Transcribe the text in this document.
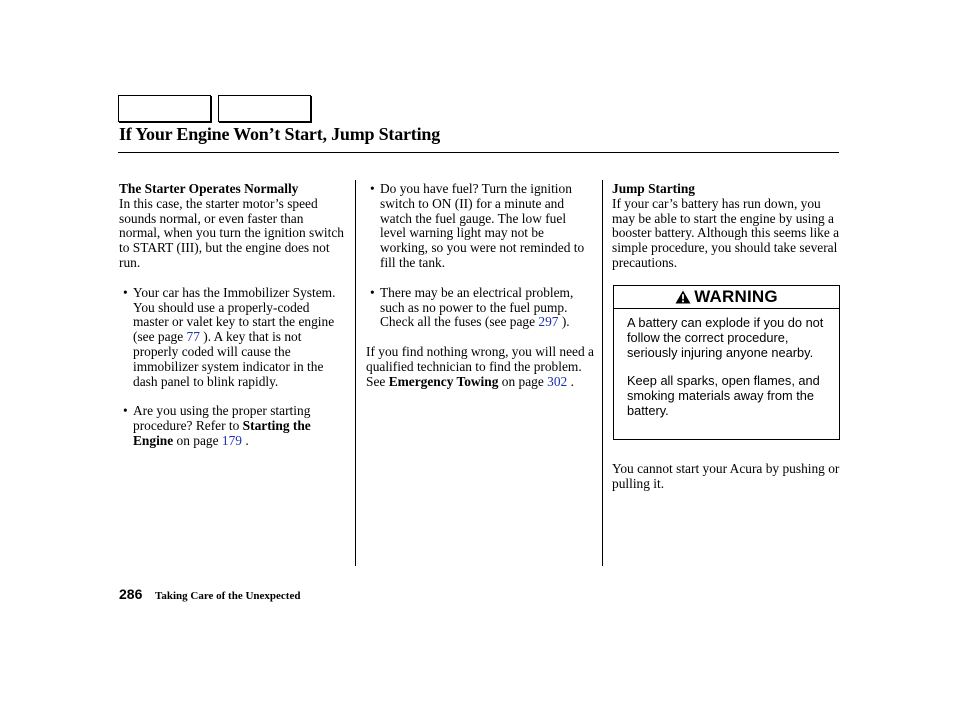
If Your Engine Won’t Start, Jump Starting

The Starter Operates Normally

In this case, the starter motor’s speed sounds normal, or even faster than normal, when you turn the ignition switch to START (III), but the engine does not run.

• Your car has the Immobilizer System. You should use a properly-coded master or valet key to start the engine (see page 77 ). A key that is not properly coded will cause the immobilizer system indicator in the dash panel to blink rapidly.

• Are you using the proper starting procedure? Refer to Starting the Engine on page 179 .

• Do you have fuel? Turn the ignition switch to ON (II) for a minute and watch the fuel gauge. The low fuel level warning light may not be working, so you were not reminded to fill the tank.

• There may be an electrical problem, such as no power to the fuel pump. Check all the fuses (see page 297 ).

If you find nothing wrong, you will need a qualified technician to find the problem. See Emergency Towing on page 302 .

Jump Starting

If your car’s battery has run down, you may be able to start the engine by using a booster battery. Although this seems like a simple procedure, you should take several precautions.

WARNING

A battery can explode if you do not follow the correct procedure, seriously injuring anyone nearby.

Keep all sparks, open flames, and smoking materials away from the battery.

You cannot start your Acura by pushing or pulling it.

286 Taking Care of the Unexpected
